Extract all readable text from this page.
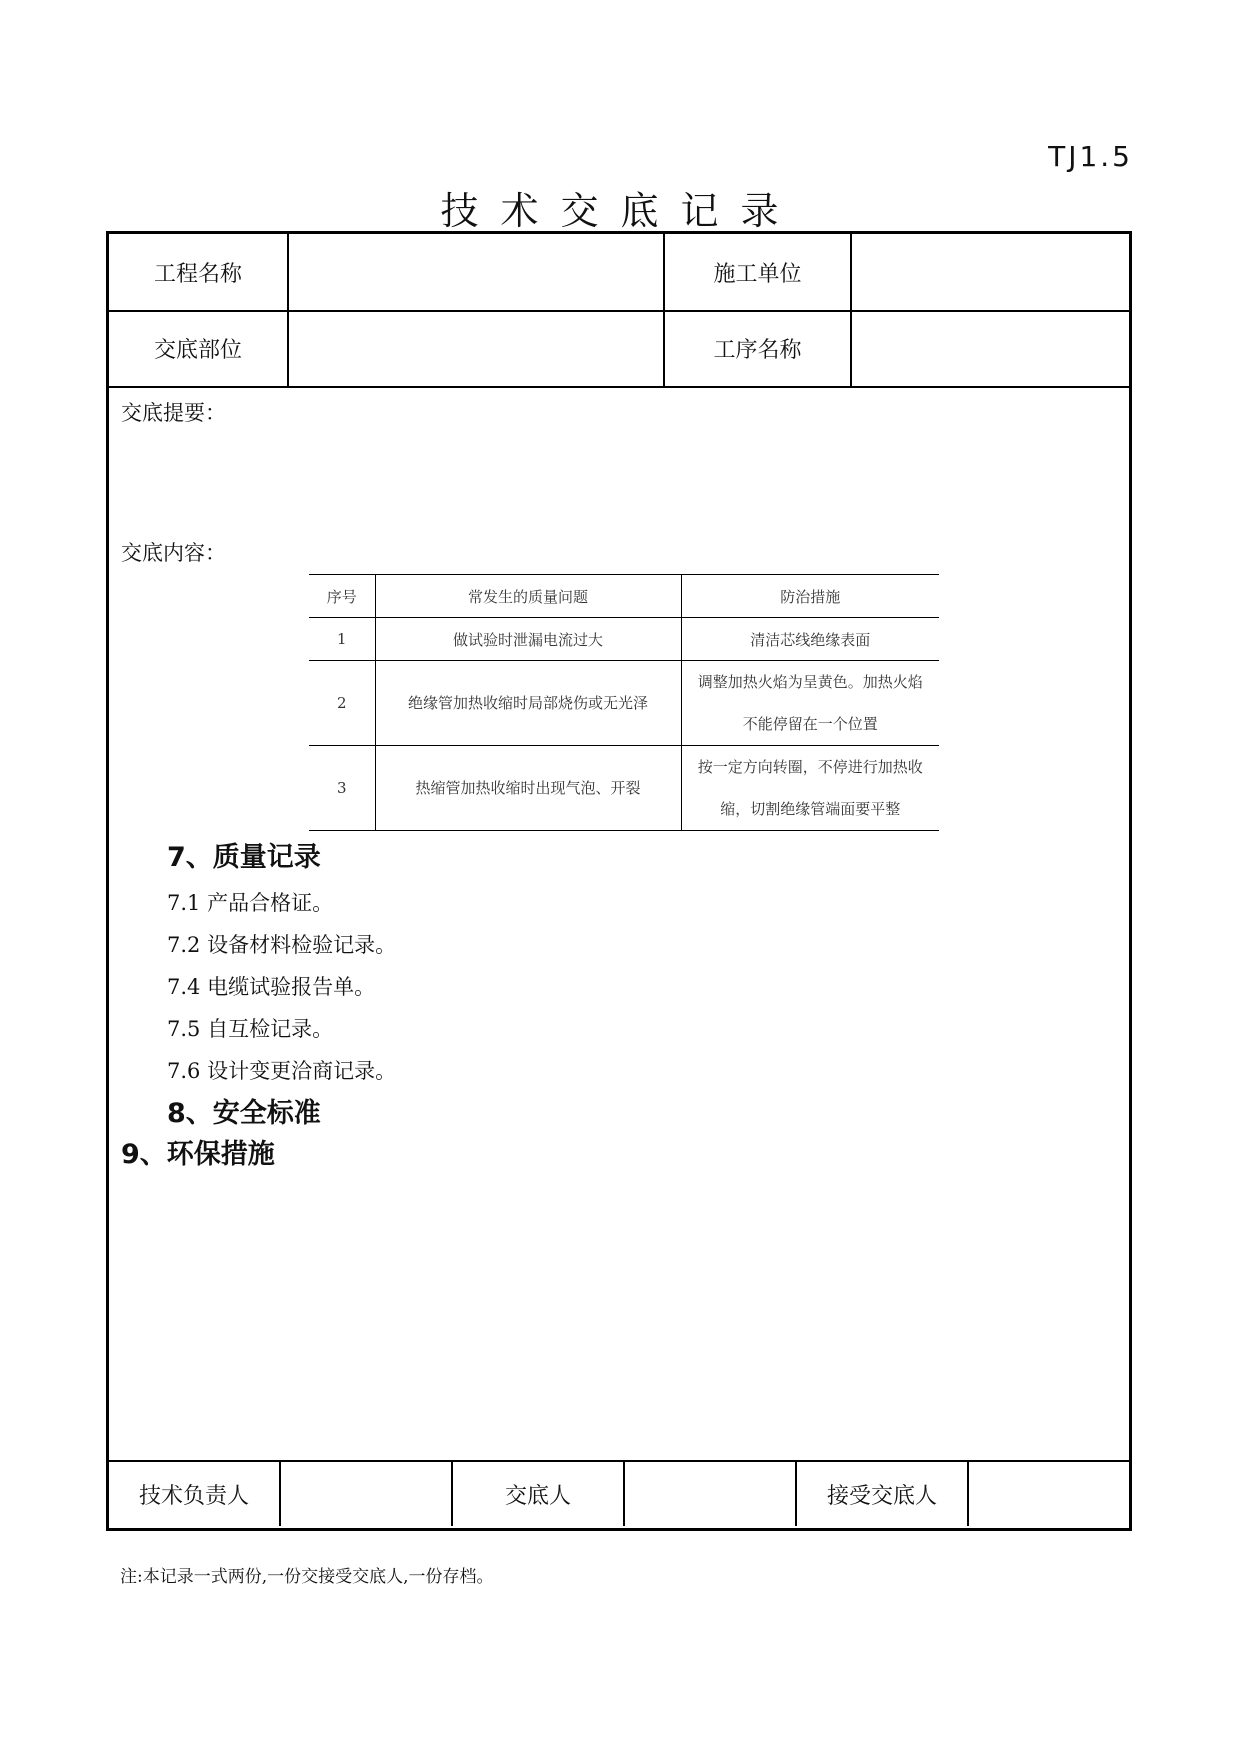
TJ1.5
技术交底记录
工程名称	施工单位
交底部位	工序名称
交底提要：
交底内容：
序号	常发生的质量问题	防治措施
1	做试验时泄漏电流过大	清洁芯线绝缘表面
2	绝缘管加热收缩时局部烧伤或无光泽	调整加热火焰为呈黄色。加热火焰不能停留在一个位置
3	热缩管加热收缩时出现气泡、开裂	按一定方向转圈，不停进行加热收缩，切割绝缘管端面要平整
7、质量记录
7.1 产品合格证。
7.2 设备材料检验记录。
7.4 电缆试验报告单。
7.5 自互检记录。
7.6 设计变更洽商记录。
8、安全标准
9、环保措施
技术负责人	交底人	接受交底人
注:本记录一式两份,一份交接受交底人,一份存档。
